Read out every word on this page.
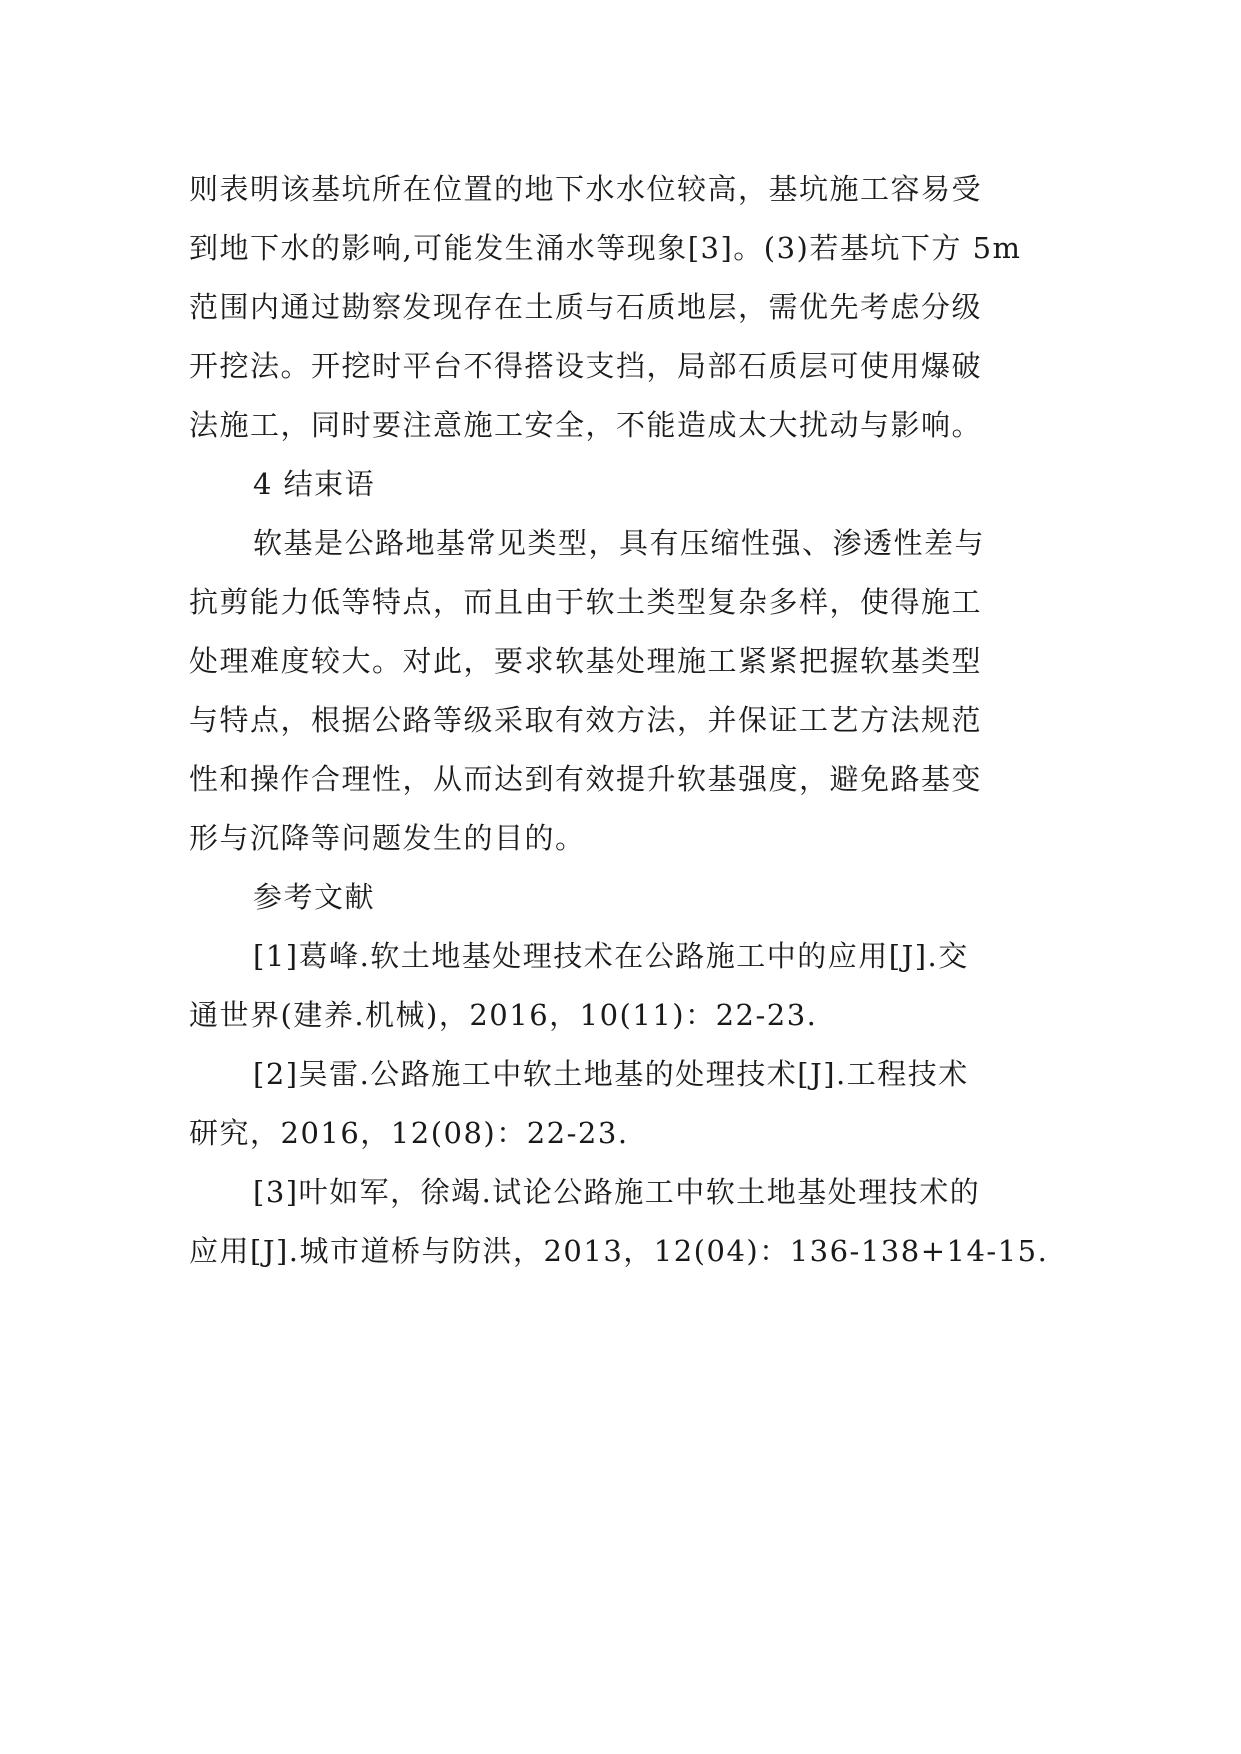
则表明该基坑所在位置的地下水水位较高，基坑施工容易受
到地下水的影响,可能发生涌水等现象[3]。(3)若基坑下方 5m
范围内通过勘察发现存在土质与石质地层，需优先考虑分级
开挖法。开挖时平台不得搭设支挡，局部石质层可使用爆破
法施工，同时要注意施工安全，不能造成太大扰动与影响。
4 结束语
软基是公路地基常见类型，具有压缩性强、渗透性差与
抗剪能力低等特点，而且由于软土类型复杂多样，使得施工
处理难度较大。对此，要求软基处理施工紧紧把握软基类型
与特点，根据公路等级采取有效方法，并保证工艺方法规范
性和操作合理性，从而达到有效提升软基强度，避免路基变
形与沉降等问题发生的目的。
参考文献
[1]葛峰.软土地基处理技术在公路施工中的应用[J].交
通世界(建养.机械)，2016，10(11)：22-23.
[2]吴雷.公路施工中软土地基的处理技术[J].工程技术
研究，2016，12(08)：22-23.
[3]叶如军，徐竭.试论公路施工中软土地基处理技术的
应用[J].城市道桥与防洪，2013，12(04)：136-138+14-15.
